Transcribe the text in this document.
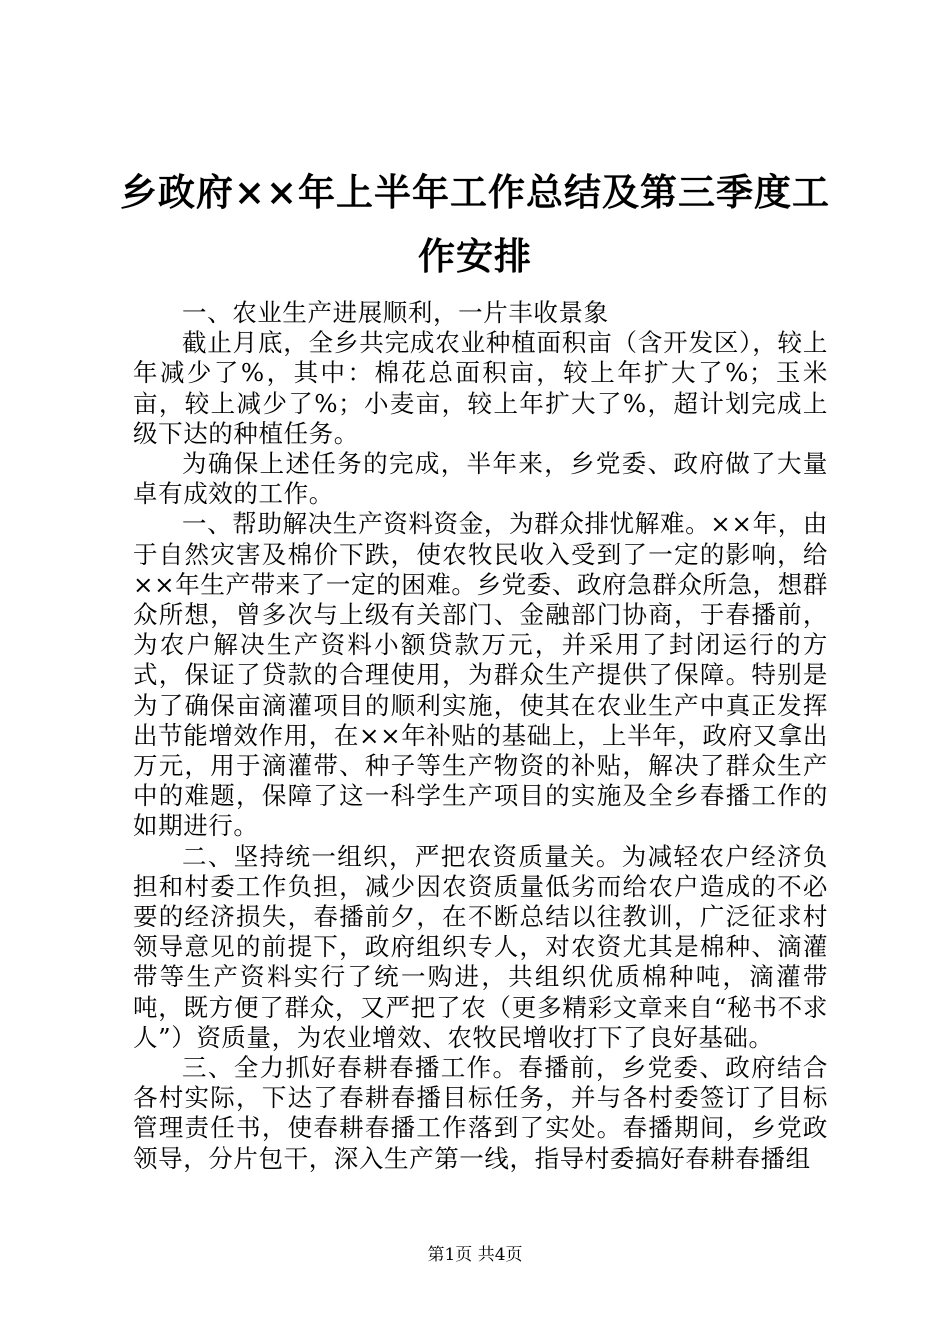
乡政府××年上半年工作总结及第三季度工作安排

一、农业生产进展顺利，一片丰收景象

截止月底，全乡共完成农业种植面积亩（含开发区），较上年减少了%，其中：棉花总面积亩，较上年扩大了%；玉米亩，较上减少了%；小麦亩，较上年扩大了%，超计划完成上级下达的种植任务。

为确保上述任务的完成，半年来，乡党委、政府做了大量卓有成效的工作。

一、帮助解决生产资料资金，为群众排忧解难。××年，由于自然灾害及棉价下跌，使农牧民收入受到了一定的影响，给××年生产带来了一定的困难。乡党委、政府急群众所急，想群众所想，曾多次与上级有关部门、金融部门协商，于春播前，为农户解决生产资料小额贷款万元，并采用了封闭运行的方式，保证了贷款的合理使用，为群众生产提供了保障。特别是为了确保亩滴灌项目的顺利实施，使其在农业生产中真正发挥出节能增效作用，在××年补贴的基础上，上半年，政府又拿出万元，用于滴灌带、种子等生产物资的补贴，解决了群众生产中的难题，保障了这一科学生产项目的实施及全乡春播工作的如期进行。

二、坚持统一组织，严把农资质量关。为减轻农户经济负担和村委工作负担，减少因农资质量低劣而给农户造成的不必要的经济损失，春播前夕，在不断总结以往教训，广泛征求村领导意见的前提下，政府组织专人，对农资尤其是棉种、滴灌带等生产资料实行了统一购进，共组织优质棉种吨，滴灌带吨，既方便了群众，又严把了农（更多精彩文章来自“秘书不求人”）资质量，为农业增效、农牧民增收打下了良好基础。

三、全力抓好春耕春播工作。春播前，乡党委、政府结合各村实际，下达了春耕春播目标任务，并与各村委签订了目标管理责任书，使春耕春播工作落到了实处。春播期间，乡党政领导，分片包干，深入生产第一线，指导村委搞好春耕春播组

第1页 共4页
